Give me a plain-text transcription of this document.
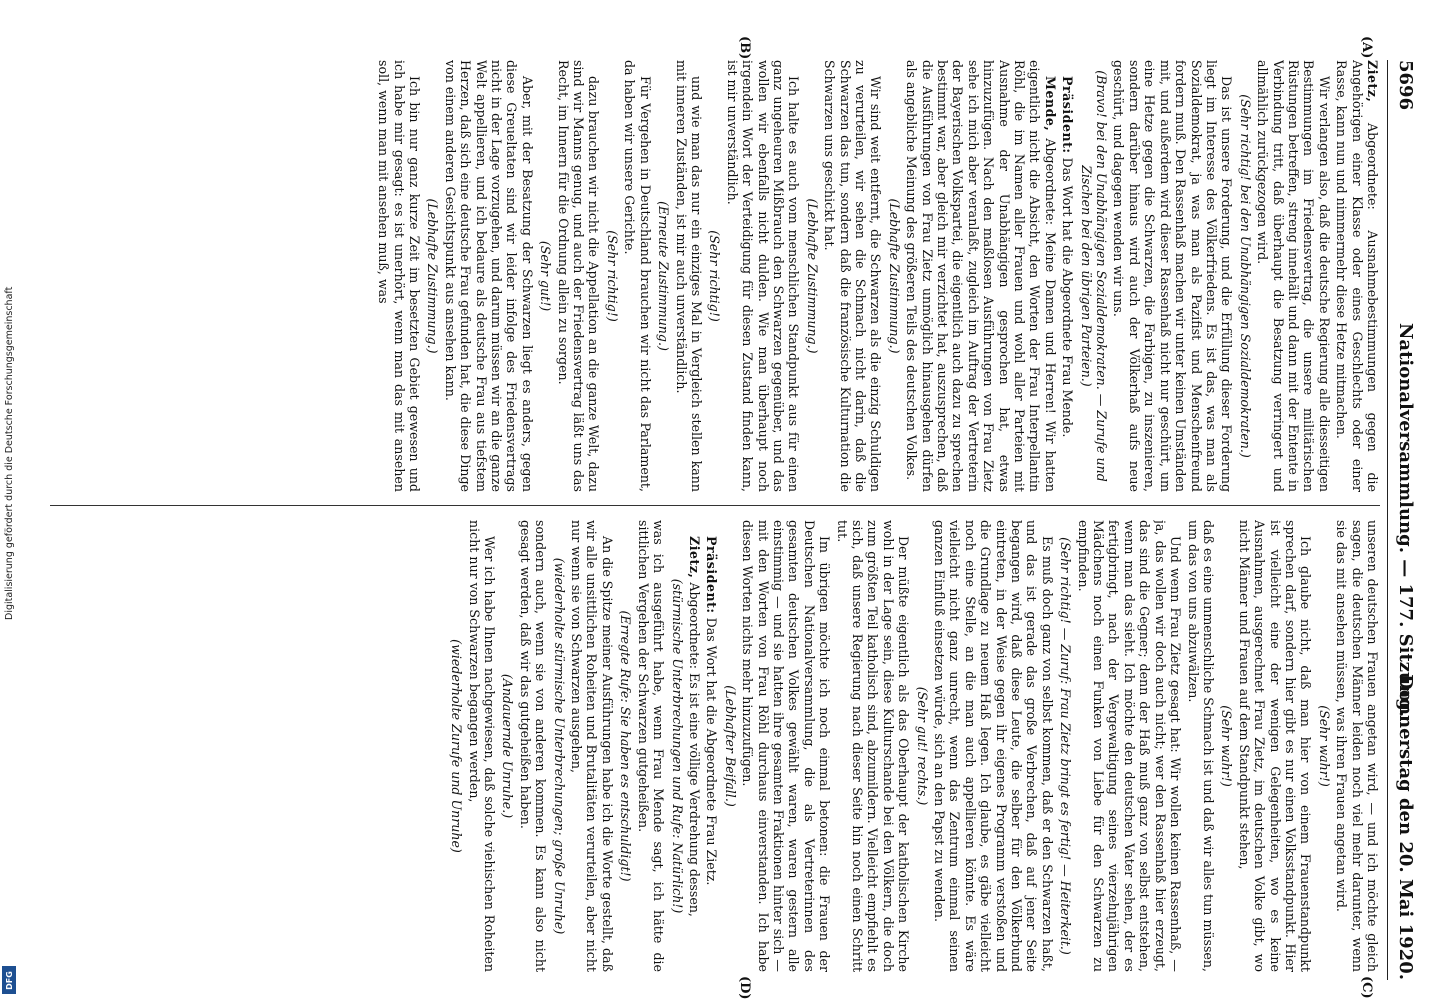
5696
Nationalversammlung. — 177. Sitzung.
Donnerstag den 20. Mai 1920.
(A)
(B)
(C)
(D)

Zietz, Abgeordnete: Ausnahmebestimmungen gegen die Angehörigen einer Klasse oder eines Geschlechts oder einer Rasse, kann nun und nimmermehr diese Hetze mitmachen.

Wir verlangen also, daß die deutsche Regierung alle diesseitigen Bestimmungen im Friedensvertrag, die unsere militärischen Rüstungen betreffen, streng innehält und dann mit der Entente in Verbindung tritt, daß überhaupt die Besatzung verringert und allmählich zurückgezogen wird.

(Sehr richtig! bei den Unabhängigen Sozialdemokraten.)

Das ist unsere Forderung, und die Erfüllung dieser Forderung liegt im Interesse des Völkerfriedens. Es ist das, was man als Sozialdemokrat, ja was man als Pazifist und Menschenfreund fordern muß. Den Rassenhaß machen wir unter keinen Umständen mit, und außerdem wird dieser Rassenhaß nicht nur geschürt, um eine Hetze gegen die Schwarzen, die Farbigen, zu inszenieren, sondern darüber hinaus wird auch der Völkerhaß aufs neue geschürt, und dagegen wenden wir uns.

(Bravo! bei den Unabhängigen Sozialdemokraten. — Zurufe und Zischen bei den übrigen Parteien.)

Präsident: Das Wort hat die Abgeordnete Frau Mende.

Mende, Abgeordnete: Meine Damen und Herren! Wir hatten eigentlich nicht die Absicht, den Worten der Frau Interpellantin Röhl, die im Namen aller Frauen und wohl aller Parteien mit Ausnahme der Unabhängigen gesprochen hat, etwas hinzuzufügen. Nach den maßlosen Ausführungen von Frau Zietz sehe ich mich aber veranlaßt, zugleich im Auftrag der Vertreterin der Bayerischen Volkspartei, die eigentlich auch dazu zu sprechen bestimmt war, aber gleich mir verzichtet hat, auszusprechen, daß die Ausführungen von Frau Zietz unmöglich hinausgehen dürfen als angebliche Meinung des größeren Teils des deutschen Volkes.

(Lebhafte Zustimmung.)

Wir sind weit entfernt, die Schwarzen als die einzig Schuldigen zu verurteilen, wir sehen die Schmach nicht darin, daß die Schwarzen das tun, sondern daß die französische Kulturnation die Schwarzen uns geschickt hat.

(Lebhafte Zustimmung.)

Ich halte es auch vom menschlichen Standpunkt aus für einen ganz ungeheuren Mißbrauch den Schwarzen gegenüber, und das wollen wir ebenfalls nicht dulden. Wie man überhaupt noch irgendein Wort der Verteidigung für diesen Zustand finden kann, ist mir unverständlich.

(Sehr richtig!)

und wie man das nur ein einziges Mal in Vergleich stellen kann mit inneren Zuständen, ist mir auch unverständlich.

(Erneute Zustimmung.)

Für Vergehen in Deutschland brauchen wir nicht das Parlament, da haben wir unsere Gerichte.

(Sehr richtig!)

dazu brauchen wir nicht die Appellation an die ganze Welt, dazu sind wir Manns genug, und auch der Friedensvertrag läßt uns das Recht, im Innern für die Ordnung allein zu sorgen.

(Sehr gut!)

Aber, mit der Besatzung der Schwarzen liegt es anders, gegen diese Greueltaten sind wir leider infolge des Friedensvertrags nicht in der Lage vorzugehen, und darum müssen wir an die ganze Welt appellieren, und ich bedaure als deutsche Frau aus tiefstem Herzen, daß sich eine deutsche Frau gefunden hat, die diese Dinge von einem anderen Gesichtspunkt aus ansehen kann.

(Lebhafte Zustimmung.)

Ich bin nur ganz kurze Zeit im besetzten Gebiet gewesen und ich habe mir gesagt: es ist unerhört, wenn man das mit ansehen soll, wenn man mit ansehen muß, was

unseren deutschen Frauen angetan wird, — und ich möchte gleich sagen, die deutschen Männer leiden noch viel mehr darunter, wenn sie das mit ansehen müssen, was ihren Frauen angetan wird.

(Sehr wahr!)

Ich glaube nicht, daß man hier von einem Frauenstandpunkt sprechen darf, sondern hier gibt es nur einen Volksstandpunkt. Hier ist vielleicht eine der wenigen Gelegenheiten, wo es keine Ausnahmen, ausgerechnet Frau Zietz, im deutschen Volke gibt, wo nicht Männer und Frauen auf dem Standpunkt stehen,

(Sehr wahr!)

daß es eine unmenschliche Schmach ist und daß wir alles tun müssen, um das von uns abzuwälzen.

Und wenn Frau Zietz gesagt hat: Wir wollen keinen Rassenhaß, — ja, das wollen wir doch auch nicht; wer den Rassenhaß hier erzeugt, das sind die Gegner; denn der Haß muß ganz von selbst entstehen, wenn man das sieht. Ich möchte den deutschen Vater sehen, der es fertigbringt, nach der Vergewaltigung seines vierzehnjährigen Mädchens noch einen Funken von Liebe für den Schwarzen zu empfinden.

(Sehr richtig! — Zuruf: Frau Zietz bringt es fertig! — Heiterkeit.)

Es muß doch ganz von selbst kommen, daß er den Schwarzen haßt, und das ist gerade das große Verbrechen, daß auf jener Seite begangen wird, daß diese Leute, die selber für den Völkerbund eintreten, in der Weise gegen ihr eigenes Programm verstoßen und die Grundlage zu neuem Haß legen. Ich glaube, es gäbe vielleicht noch eine Stelle, an die man auch appellieren könnte. Es wäre vielleicht nicht ganz unrecht, wenn das Zentrum einmal seinen ganzen Einfluß einsetzen würde, sich an den Papst zu wenden.

(Sehr gut! rechts.)

Der müßte eigentlich als das Oberhaupt der katholischen Kirche wohl in der Lage sein, diese Kulturschande bei den Völkern, die doch zum größten Teil katholisch sind, abzumildern. Vielleicht empfiehlt es sich, daß unsere Regierung nach dieser Seite hin noch einen Schritt tut.

Im übrigen möchte ich noch einmal betonen: die Frauen der Deutschen Nationalversammlung, die als Vertreterinnen des gesamten deutschen Volkes gewählt waren, waren gestern alle einstimmig — und sie hatten ihre gesamten Fraktionen hinter sich — mit den Worten von Frau Röhl durchaus einverstanden. Ich habe diesen Worten nichts mehr hinzuzufügen.

(Lebhafter Beifall.)

Präsident: Das Wort hat die Abgeordnete Frau Zietz.

Zietz, Abgeordnete: Es ist eine völlige Verdrehung dessen,

(stürmische Unterbrechungen und Rufe: Natürlich!)

was ich ausgeführt habe, wenn Frau Mende sagt, ich hätte die sittlichen Vergehen der Schwarzen gutgeheißen.

(Erregte Rufe: Sie haben es entschuldigt!)

An die Spitze meiner Ausführungen habe ich die Worte gestellt, daß wir alle unsittlichen Roheiten und Brutalitäten verurteilen, aber nicht nur wenn sie von Schwarzen ausgehen,

(wiederholte stürmische Unterbrechungen; große Unruhe)

sondern auch, wenn sie von anderen kommen. Es kann also nicht gesagt werden, daß wir das gutgeheißen haben.

(Andauernde Unruhe.)

Wer ich habe Ihnen nachgewiesen, daß solche viehischen Roheiten nicht nur von Schwarzen begangen werden,

(wiederholte Zurufe und Unruhe)

Digitalisierung gefördert durch die Deutsche Forschungsgemeinschaft
DFG
